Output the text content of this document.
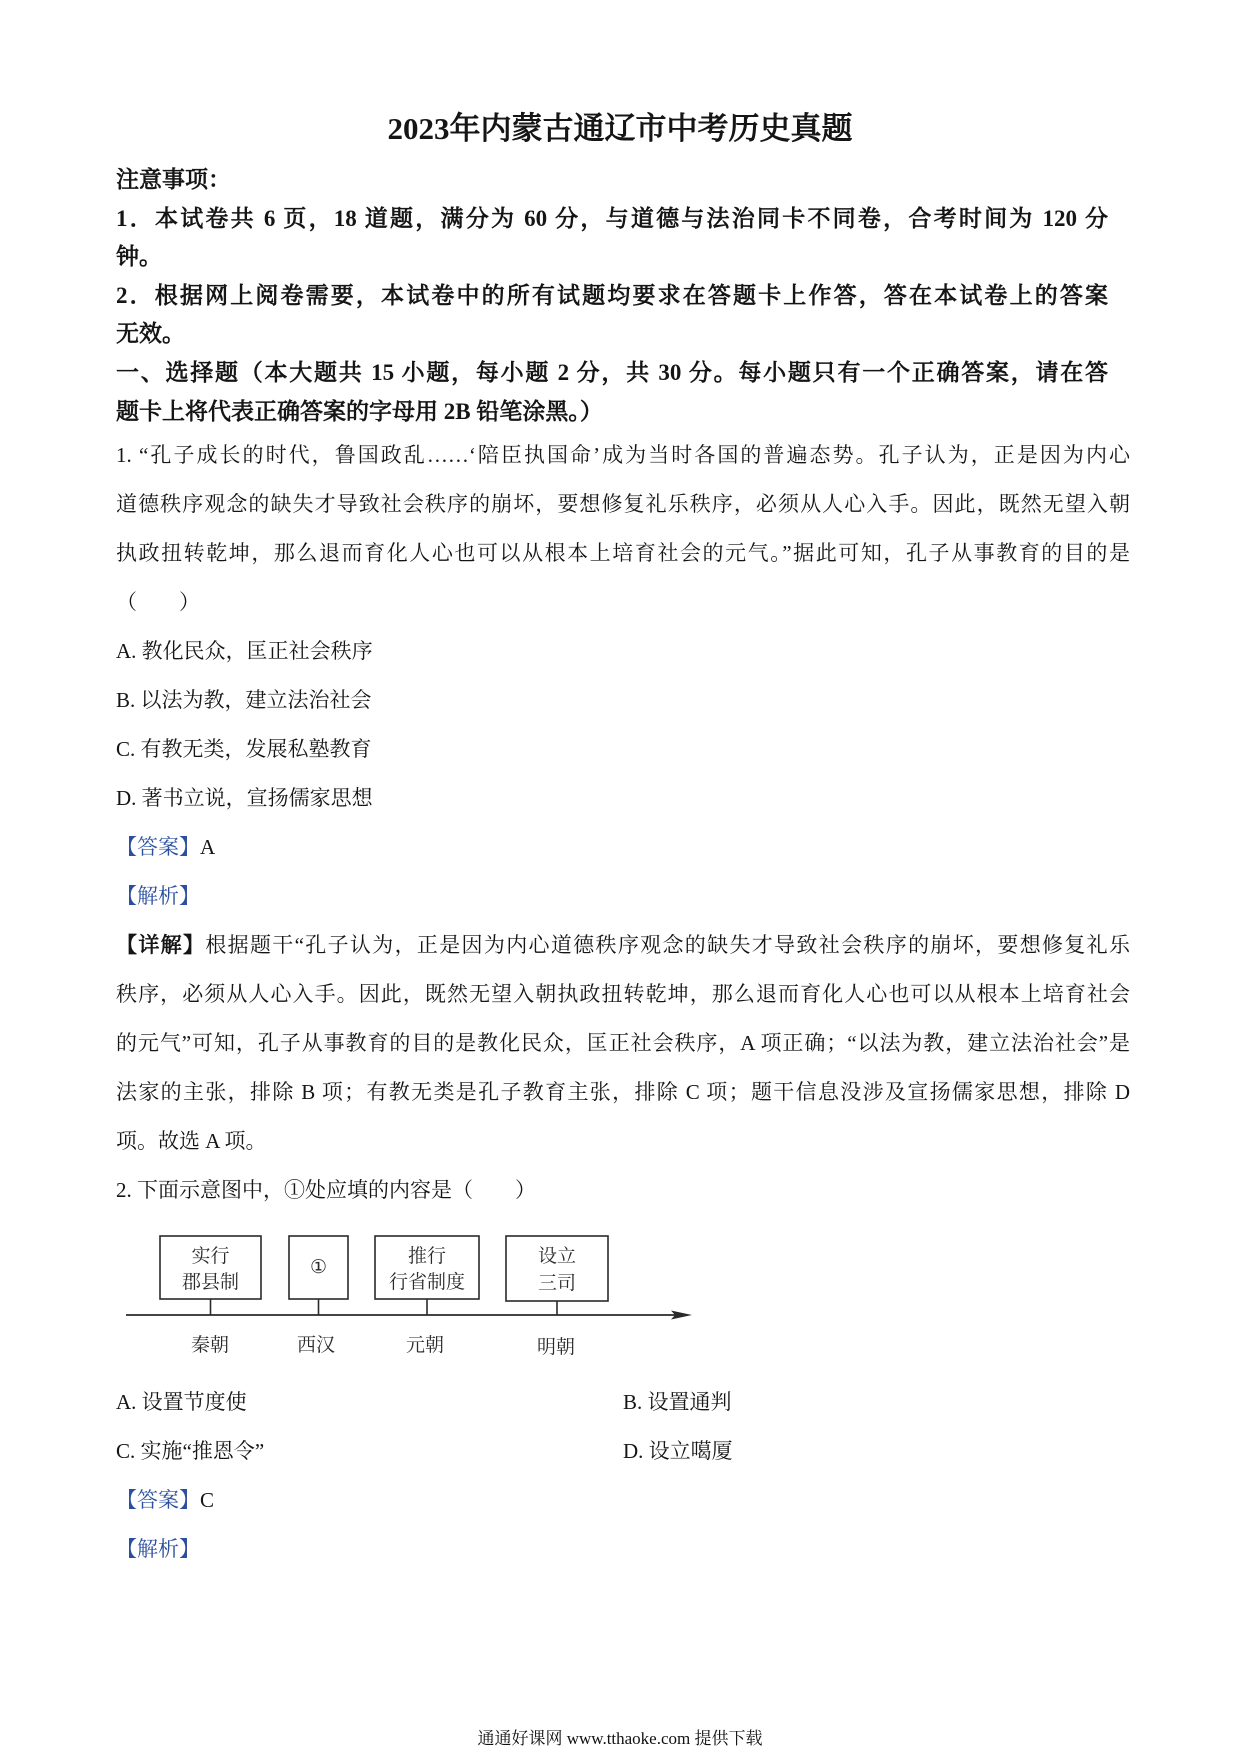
2023年内蒙古通辽市中考历史真题
注意事项：
1．本试卷共 6 页，18 道题，满分为 60 分，与道德与法治同卡不同卷，合考时间为 120 分
钟。
2．根据网上阅卷需要，本试卷中的所有试题均要求在答题卡上作答，答在本试卷上的答案
无效。
一、选择题（本大题共 15 小题，每小题 2 分，共 30 分。每小题只有一个正确答案，请在答
题卡上将代表正确答案的字母用 2B 铅笔涂黑。）
1. “孔子成长的时代，鲁国政乱……‘陪臣执国命’成为当时各国的普遍态势。孔子认为，正是因为内心
道德秩序观念的缺失才导致社会秩序的崩坏，要想修复礼乐秩序，必须从人心入手。因此，既然无望入朝
执政扭转乾坤，那么退而育化人心也可以从根本上培育社会的元气。”据此可知，孔子从事教育的目的是
（　　）
A. 教化民众，匡正社会秩序
B. 以法为教，建立法治社会
C. 有教无类，发展私塾教育
D. 著书立说，宣扬儒家思想
【答案】A
【解析】
【详解】根据题干“孔子认为，正是因为内心道德秩序观念的缺失才导致社会秩序的崩坏，要想修复礼乐
秩序，必须从人心入手。因此，既然无望入朝执政扭转乾坤，那么退而育化人心也可以从根本上培育社会
的元气”可知，孔子从事教育的目的是教化民众，匡正社会秩序，A 项正确；“以法为教，建立法治社会”是
法家的主张，排除 B 项；有教无类是孔子教育主张，排除 C 项；题干信息没涉及宣扬儒家思想，排除 D
项。故选 A 项。
2. 下面示意图中，①处应填的内容是（　　）
实行
郡县制
①	推行
行省制度
设立
三司
秦朝	西汉	元朝	明朝
A. 设置节度使	B. 设置通判
C. 实施“推恩令”	D. 设立噶厦
【答案】C
【解析】
通通好课网 www.tthaoke.com 提供下载
